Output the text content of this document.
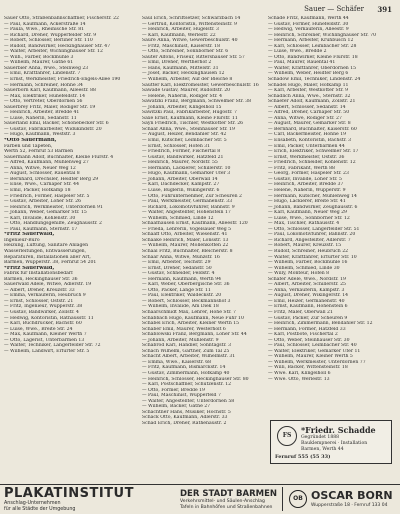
Sauer — Schäfer 391
Sauer Otto, Straßenbahnschaffner, Fischerstr. 22
— Paul, Kaufmann, Ackerstraße 14
— Paula, Wwe., Rheinische Str. 81
— Richard, Dreher, Wupperfelder Str. 9
— Robert, Schlosser, Berliner Str. 110
— Rudolf, Bandwirker, Heckinghauser Str. 47
— Walter, Arbeiter, Wichlinghauser Str. 12
— Wilh., Färber, Bockmühle 3
— Wilhelm, Maurer, Gathe 61
Sauerbier Anna, Wwe., Steinweg 23
— Emil, Kraftfahrer, Lindenstr. 7
— Ernst, Werkmeister, Friedrich-Engels-Allee 190
— Hermann, Schreiner, Höhne 34
Sauerborn Karl, Kaufmann, Alleestr. 88
— Max, Elektriker, Hünefeldstr. 14
— Otto, Vertreter, Oberdörnen 56
Sauerbrey Fritz, Maler, Rödiger Str. 19
— Heinrich, Arbeiter, Bredde 41
— Luise, Näherin, Sedanstr. 11
Sauerland Emil, Bäcker, Schönebecker Str. 6
— Gustav, Fabrikarbeiter, Widukindstr. 20
— Hugo, Kaufmann, Weststr. 3
*Otto Sauermann,
Farben und Tapeten,
Werth 52, Fernruf 53 Barmen
Sauermann Adolf, Buchhalter, Kleine Flurstr. 4
— Alfred, Kaufmann, Mühlenweg 27
— Anna, Witwe, Neuer Weg 12
— August, Schlosser, Rauental 8
— Bernhard, Drechsler, Heidter Berg 29
— Elise, Wwe., Carnaper Str. 44
— Emil, Packer, Hofkamp 18
— Friedrich, Former, Haspeler Str. 5
— Gustav, Arbeiter, Loher Str. 26
— Heinrich, Werkmeister, Unterdörnen 91
— Johann, Weber, Gemarker Str. 15
— Karl, Invalide, Kohlenstr. 30
— Otto, Handlungsgehilfe, Zeughausstr. 2
— Paul, Kaufmann, Sternstr. 17
*Fritz Sauerwald,
Ingenieur-Büro
Heizung, Lüftung, Sanitäre Anlagen
Wasserleitungen, Entwässerungen,
Reparaturen, Installationen aller Art,
Barmen, Wupperstr. 38, Fernruf 54 201
*Fritz Sauerwald,
Fabrik für Installationsbedarf
Barmen, Heckinghauser Str. 36
Sauerwald Adele, Witwe, Adlerstr. 19
— Albert, Dreher, Kreuzstr. 33
— Emma, Verkäuferin, Heubruch 9
— Ernst, Schlosser, Oststr. 21
— Fritz, Ingenieur, Wupperstr. 38
— Gustav, Bandwirker, Zollstr. 4
— Hedwig, Kontoristin, Rathausstr. 11
— Karl, Buchdrucker, Bachstr. 60
— Luise, Wwe., Breite Str. 24
— Max, Kaufmann, Kleiner Werth 7
— Otto, Lagerist, Unterbarmen 13
— Walter, Techniker, Langerfelder Str. 72
— Wilhelm, Landwirt, Erfurter Str. 5
Saul Erich, Schriftsetzer, Schwarzbach 14
— Gertrud, Kontoristin, Wittensteinstr. 9
— Heinrich, Arbeiter, Hügelstr. 3
— Karl, Kaufmann, Werlestr. 22
Saure Anna, Witwe, Gewerbeschulstr. 40
— Fritz, Maschinist, Kaiserstr. 18
— Otto, Schreiner, Sonnborner Str. 6
Sauter Alfons, Friseur, Rittershauser Str. 57
— Emil, Dreher, Wertherhof 2
— Hans, Kaufmann, Mittelstr. 31
— Josef, Bäcker, Heckinghausen 12
— Wilhelm, Arbeiter, Auf der Bleiche 8
Sautter Karl, Elektromeister, Gewerbeschulstr. 16
Sawade Gustav, Maurer, Rudolfstr. 20
— Helene, Näherin, Rödiger Str. 4
Sawatzki Franz, Bergmann, Schwelmer Str. 38
— Johann, Arbeiter, Klingelholl 15
Sawitzki Paul, Fabrikarbeiter, Hugostr. 7
Saxe Ernst, Kaufmann, Kleine Flurstr. 11
Sayn Friedrich, Tischler, Westkotter Str. 26
Schaaf Anna, Wwe., Steinhauser Str. 19
— August, Heizer, Bendahler Str. 42
— Emil, Kutscher, Leimbacher Str. 5
— Ernst, Schlosser, Höfen 31
— Friedrich, Former, Fischertal 8
— Gustav, Bandwirker, Hatzfeld 21
— Heinrich, Maurer, Nordstr. 55
— Hermann, Lackierer, Schillerstr. 10
— Hugo, Kaufmann, Gemarker Ufer 3
— Johann, Arbeiter, Oberwall 14
— Karl, Dachdecker, Kampstr. 27
— Luise, Büglerin, Wikingerstr. 6
— Otto, Fuhrunternehmer, Zur Scheuren 2
— Paul, Werkmeister, Germanenstr. 33
— Richard, Lokomotivführer, Bahnstr. 9
— Walter, Angestellter, Hohenstein 17
— Wilhelm, Schmied, Linde 12
Schaafhausen Ernst, Kaufmann, Alleestr. 120
— Frieda, Lehrerin, Vogelsauer Weg 5
Schaaff Otto, Arbeiter, Wiesenstr. 41
Schaake Heinrich, Maler, Lönsstr. 13
— Wilhelm, Maurer, Mollenkotten 22
Schaal Fritz, Buchhalter, Bleicherstr. 8
Schaar Anna, Witwe, Münzstr. 16
— Emil, Arbeiter, Teichstr. 29
— Ernst, Dreher, Sedanstr. 50
— Gustav, Schneider, Feldstr. 4
— Hermann, Kaufmann, Werth 94
— Karl, Weber, Oberbergische Str. 36
— Otto, Packer, Lange Str. 11
— Paul, Elektriker, Waldeckstr. 20
— Robert, Schlosser, Beckmannshof 3
— Wilhelm, Invalide, Am Diek 18
Schaarschmidt Max, Lehrer, Hohe Str. 7
Schabbach Hugo, Kaufmann, Neue Fuhr 10
Schabel Erich, Arbeiter, Kleiner Werth 15
Schaber Emil, Maurer, Westerholt 6
Schablowski Franz, Bergmann, Loher Str. 44
— Johann, Arbeiter, Mühlenstr. 9
Schabrod Karl, Händler, Sonntagstr. 3
Schach Wilhelm, Gärtner, Zum Tal 25
Schacht Albert, Arbeiter, Wilhelmstr. 31
— Emma, Wwe., Kaiserstr. 68
— Fritz, Kaufmann, Bismarckstr. 14
— Gustav, Zimmermann, Hofkamp 40
— Heinrich, Schlosser, Heckinghauser Str. 80
— Karl, Postschaffner, Schützenstr. 12
— Otto, Former, Bredde 19
— Paul, Maschinist, Wupperfeld 7
— Walter, Angestellter, Unterdörnen 58
— Wilhelm, Bäcker, Gathe 27
Schachtner Hans, Musiker, Hochstr. 5
Schack Otto, Kaufmann, Adlerstr. 33
Schad Erich, Dreher, Rathenaustr. 2
Schade Fritz, Kaufmann, Werth 44
— Gustav, Former, Hünefeldstr. 30
— Hedwig, Verkäuferin, Alleestr. 9
— Heinrich, Schreiner, Wichlinghauser Str. 70
— Hermann, Arbeiter, Krühbusch 12
— Karl, Schlosser, Leimbacher Str. 28
— Luise, Wwe., Bredde 2
— Otto, Bandwirker, Kleine Flurstr. 18
— Paul, Maurer, Rauental 41
— Walter, Kraftfahrer, Oberdörnen 15
— Wilhelm, Weber, Heidter Berg 6
Schadow Emil, Techniker, Lindenstr. 24
Schädel Hugo, Maler, Hofkamp 11
— Karl, Arbeiter, Westkotter Str. 9
Schädlich Anna, Wwe., Sternstr. 32
Schaefer Adolf, Kaufmann, Zollstr. 21
— Albert, Schlosser, Sedanstr. 14
— Alfred, Dreher, Carnaper Str. 50
— Anna, Witwe, Rödiger Str. 27
— August, Maurer, Gemarker Str. 8
— Bernhard, Buchhalter, Kaiserstr. 60
— Carl, Bäckermeister, Höhne 19
— Elisabeth, Kontoristin, Bachstr. 3
— Emil, Packer, Unterbarmen 44
— Erich, Elektriker, Schwelmer Str. 17
— Ernst, Werkmeister, Oststr. 36
— Friedrich, Schneider, Kohlenstr. 12
— Fritz, Fabrikant, Werth 88
— Georg, Former, Haspeler Str. 23
— Gustav, Invalide, Loher Str. 5
— Heinrich, Arbeiter, Bredde 37
— Helene, Näherin, Wupperstr. 9
— Hermann, Kutscher, Mühlenweg 14
— Hugo, Lackierer, Breite Str. 41
— Johann, Bandwirker, Zeughausstr. 6
— Karl, Kaufmann, Neuer Weg 29
— Luise, Wwe., Sonnborner Str. 12
— Max, Tischler, Rathausstr. 4
— Otto, Schlosser, Langerfelder Str. 51
— Paul, Lokomotivführer, Bahnstr. 20
— Richard, Angestellter, Adlerstr. 7
— Robert, Maurer, Kreuzstr. 15
— Rudolf, Schreiner, Heubruch 22
— Walter, Kraftfahrer, Erfurter Str. 10
— Wilhelm, Färber, Bockmühle 16
— Wilhelm, Schmied, Linde 30
— Willy, Monteur, Höfen 8
Schäfer Adele, Wwe., Nordstr. 19
— Albert, Arbeiter, Schillerstr. 25
— Anna, Verkäuferin, Kampstr. 3
— August, Dreher, Wikingerstr. 14
— Emil, Heizer, Germanenstr. 40
— Ernst, Kaufmann, Hohenstein 6
— Fritz, Maler, Oberwall 21
— Gustav, Packer, Zur Scheuren 9
— Heinrich, Zimmermann, Bendahler Str. 12
— Hermann, Former, Hatzfeld 33
— Karl, Postbote, Fischertal 2
— Otto, Weber, Steinhauser Str. 30
— Paul, Schlosser, Leimbacher Str. 40
— Walter, Elektriker, Gemarker Ufer 11
— Wilhelm, Maurer, Kleiner Werth 5
— Wilhelm, Werkmeister, Unterdörnen 77
— Willi, Bäcker, Wittensteinstr. 18
— Wwe. Karl, Klingelholl 6
— Wwe. Otto, Werlestr. 13
FS
*Friedr. Schadde
Gegründet 1888
Bauklempnerei · Installation
Barmen, Werth 44
Fernruf 555 (55 33)
PLAKATINSTITUT
Anschlag-Unternehmen
für alle Städte der Umgebung
DER STADT BARMEN
Verkehrsmittel- und Säulen-Anschlag
Tafeln in Bahnhöfen und Straßenbahnen
OB OSCAR BORN
Wupperstraße 18 · Fernruf 133 04
